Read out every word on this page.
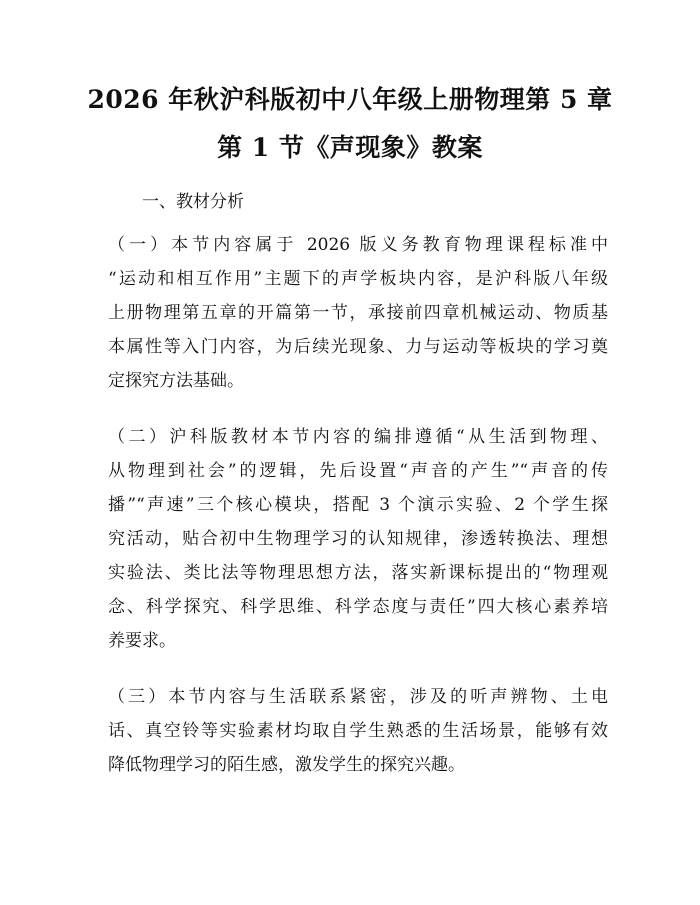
2026 年秋沪科版初中八年级上册物理第 5 章
第 1 节《声现象》教案
一、教材分析
（一）本节内容属于 2026 版义务教育物理课程标准中
“运动和相互作用”主题下的声学板块内容，是沪科版八年级
上册物理第五章的开篇第一节，承接前四章机械运动、物质基
本属性等入门内容，为后续光现象、力与运动等板块的学习奠
定探究方法基础。
（二）沪科版教材本节内容的编排遵循“从生活到物理、
从物理到社会”的逻辑，先后设置“声音的产生”“声音的传
播”“声速”三个核心模块，搭配 3 个演示实验、2 个学生探
究活动，贴合初中生物理学习的认知规律，渗透转换法、理想
实验法、类比法等物理思想方法，落实新课标提出的“物理观
念、科学探究、科学思维、科学态度与责任”四大核心素养培
养要求。
（三）本节内容与生活联系紧密，涉及的听声辨物、土电
话、真空铃等实验素材均取自学生熟悉的生活场景，能够有效
降低物理学习的陌生感，激发学生的探究兴趣。
